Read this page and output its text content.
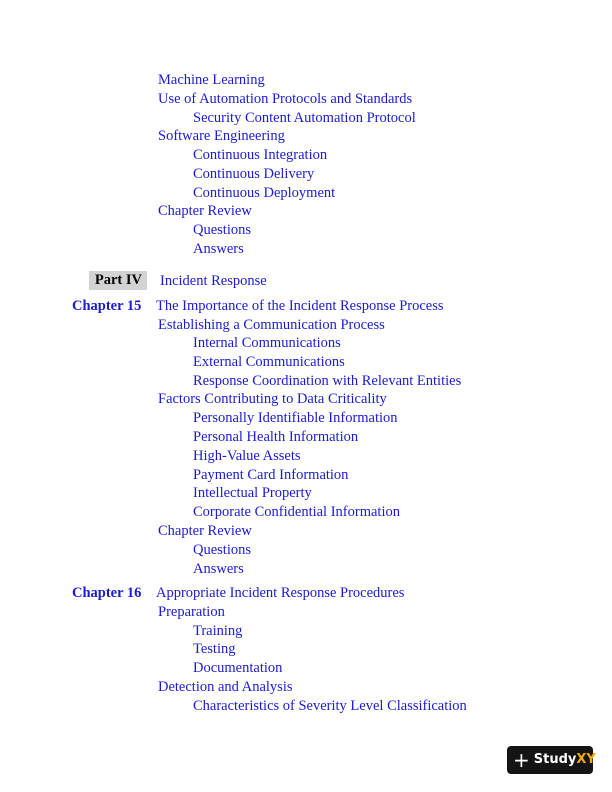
Machine Learning
Use of Automation Protocols and Standards
Security Content Automation Protocol
Software Engineering
Continuous Integration
Continuous Delivery
Continuous Deployment
Chapter Review
Questions
Answers
Part IV	Incident Response
Chapter 15 The Importance of the Incident Response Process
Establishing a Communication Process
Internal Communications
External Communications
Response Coordination with Relevant Entities
Factors Contributing to Data Criticality
Personally Identifiable Information
Personal Health Information
High-Value Assets
Payment Card Information
Intellectual Property
Corporate Confidential Information
Chapter Review
Questions
Answers
Chapter 16 Appropriate Incident Response Procedures
Preparation
Training
Testing
Documentation
Detection and Analysis
Characteristics of Severity Level Classification
+ StudyXY
